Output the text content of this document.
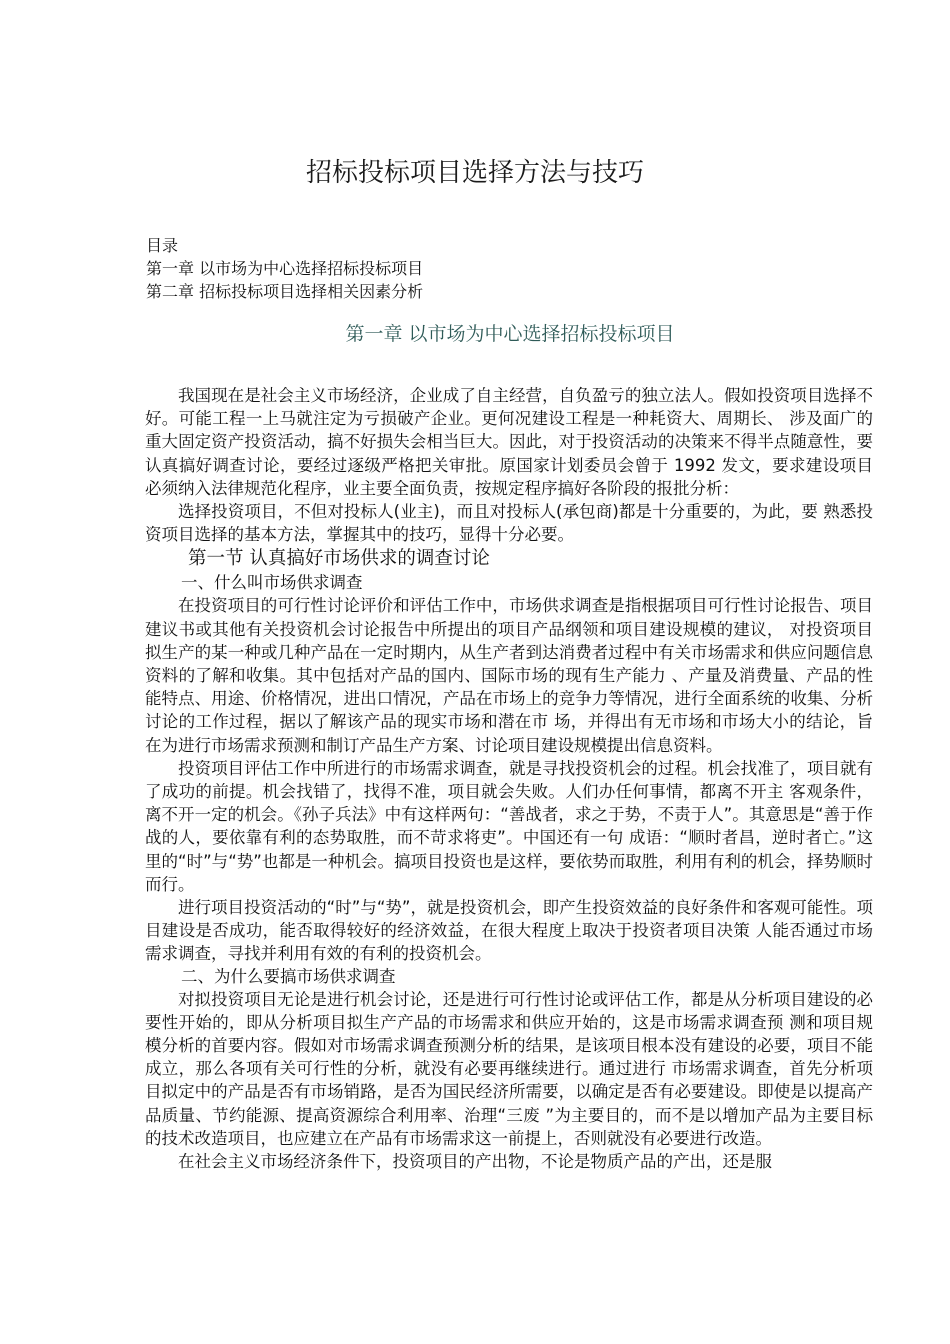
招标投标项目选择方法与技巧
目录
第一章 以市场为中心选择招标投标项目
第二章 招标投标项目选择相关因素分析
第一章 以市场为中心选择招标投标项目

我国现在是社会主义市场经济，企业成了自主经营，自负盈亏的独立法人。假如投资项目选择不好。可能工程一上马就注定为亏损破产企业。更何况建设工程是一种耗资大、周期长、 涉及面广的重大固定资产投资活动，搞不好损失会相当巨大。因此，对于投资活动的决策来不得半点随意性，要认真搞好调查讨论，要经过逐级严格把关审批。原国家计划委员会曾于 1992 发文，要求建设项目必须纳入法律规范化程序，业主要全面负责，按规定程序搞好各阶段的报批分析：

选择投资项目，不但对投标人(业主)，而且对投标人(承包商)都是十分重要的，为此，要 熟悉投资项目选择的基本方法，掌握其中的技巧，显得十分必要。

第一节 认真搞好市场供求的调查讨论
一、什么叫市场供求调查

在投资项目的可行性讨论评价和评估工作中，市场供求调查是指根据项目可行性讨论报告、项目建议书或其他有关投资机会讨论报告中所提出的项目产品纲领和项目建设规模的建议， 对投资项目拟生产的某一种或几种产品在一定时期内，从生产者到达消费者过程中有关市场需求和供应问题信息资料的了解和收集。其中包括对产品的国内、国际市场的现有生产能力 、产量及消费量、产品的性能特点、用途、价格情况，进出口情况，产品在市场上的竞争力等情况，进行全面系统的收集、分析讨论的工作过程，据以了解该产品的现实市场和潜在市 场，并得出有无市场和市场大小的结论，旨在为进行市场需求预测和制订产品生产方案、讨论项目建设规模提出信息资料。

投资项目评估工作中所进行的市场需求调查，就是寻找投资机会的过程。机会找准了，项目就有了成功的前提。机会找错了，找得不准，项目就会失败。人们办任何事情，都离不开主 客观条件，离不开一定的机会。《孙子兵法》中有这样两句：“善战者，求之于势，不责于人”。其意思是“善于作战的人，要依靠有利的态势取胜，而不苛求将吏”。中国还有一句 成语：“顺时者昌，逆时者亡。”这里的“时”与“势”也都是一种机会。搞项目投资也是这样，要依势而取胜，利用有利的机会，择势顺时而行。

进行项目投资活动的“时”与“势”，就是投资机会，即产生投资效益的良好条件和客观可能性。项目建设是否成功，能否取得较好的经济效益，在很大程度上取决于投资者项目决策 人能否通过市场需求调查，寻找并利用有效的有利的投资机会。

二、为什么要搞市场供求调查

对拟投资项目无论是进行机会讨论，还是进行可行性讨论或评估工作，都是从分析项目建设的必要性开始的，即从分析项目拟生产产品的市场需求和供应开始的，这是市场需求调查预 测和项目规模分析的首要内容。假如对市场需求调查预测分析的结果，是该项目根本没有建设的必要，项目不能成立，那么各项有关可行性的分析，就没有必要再继续进行。通过进行 市场需求调查，首先分析项目拟定中的产品是否有市场销路，是否为国民经济所需要，以确定是否有必要建设。即使是以提高产品质量、节约能源、提高资源综合利用率、治理“三废 ”为主要目的，而不是以增加产品为主要目标的技术改造项目，也应建立在产品有市场需求这一前提上，否则就没有必要进行改造。

在社会主义市场经济条件下，投资项目的产出物，不论是物质产品的产出，还是服
